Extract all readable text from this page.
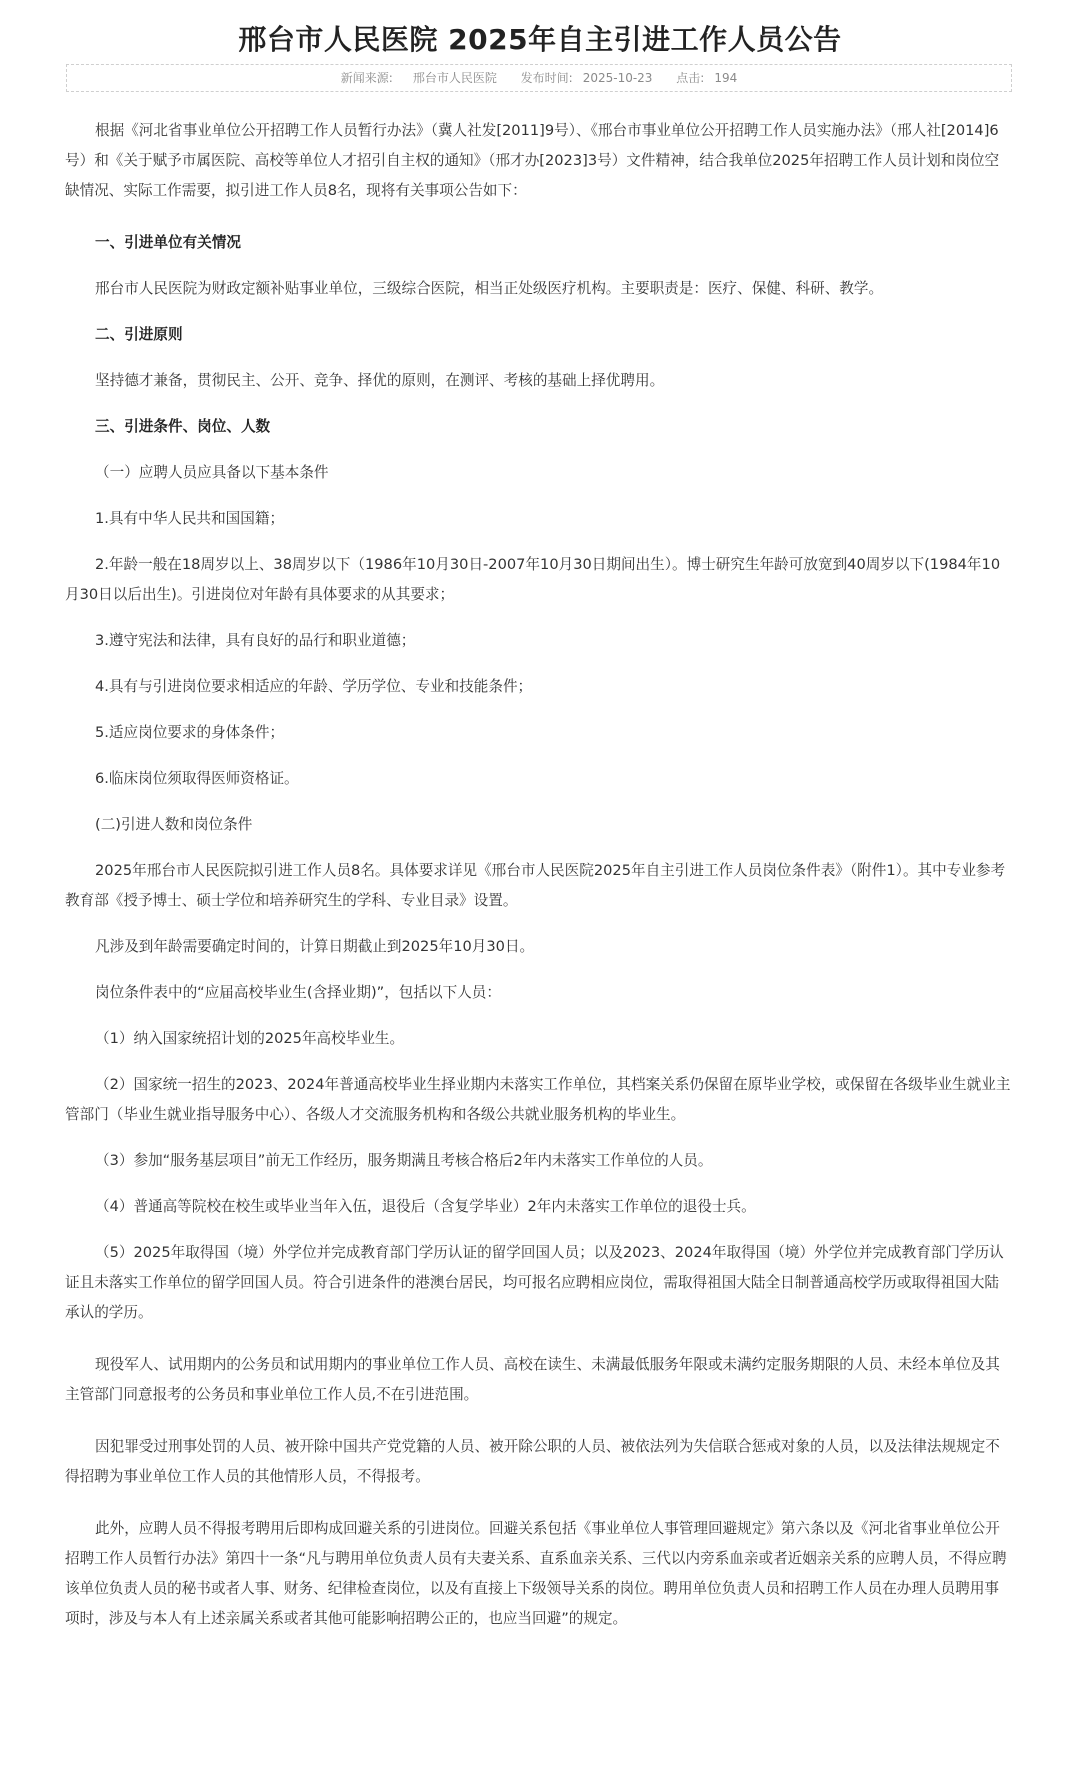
邢台市人民医院 2025年自主引进工作人员公告
新闻来源: 邢台市人民医院 发布时间: 2025-10-23 点击: 194

根据《河北省事业单位公开招聘工作人员暂行办法》（冀人社发[2011]9号）、《邢台市事业单位公开招聘工作人员实施办法》（邢人社[2014]6号）和《关于赋予市属医院、高校等单位人才招引自主权的通知》（邢才办[2023]3号）文件精神，结合我单位2025年招聘工作人员计划和岗位空缺情况、实际工作需要，拟引进工作人员8名，现将有关事项公告如下：

一、引进单位有关情况

邢台市人民医院为财政定额补贴事业单位，三级综合医院，相当正处级医疗机构。主要职责是：医疗、保健、科研、教学。

二、引进原则

坚持德才兼备，贯彻民主、公开、竞争、择优的原则，在测评、考核的基础上择优聘用。

三、引进条件、岗位、人数

（一）应聘人员应具备以下基本条件

1.具有中华人民共和国国籍；

2.年龄一般在18周岁以上、38周岁以下（1986年10月30日-2007年10月30日期间出生）。博士研究生年龄可放宽到40周岁以下(1984年10月30日以后出生)。引进岗位对年龄有具体要求的从其要求；

3.遵守宪法和法律，具有良好的品行和职业道德；

4.具有与引进岗位要求相适应的年龄、学历学位、专业和技能条件；

5.适应岗位要求的身体条件；

6.临床岗位须取得医师资格证。

(二)引进人数和岗位条件

2025年邢台市人民医院拟引进工作人员8名。具体要求详见《邢台市人民医院2025年自主引进工作人员岗位条件表》（附件1）。其中专业参考教育部《授予博士、硕士学位和培养研究生的学科、专业目录》设置。

凡涉及到年龄需要确定时间的，计算日期截止到2025年10月30日。

岗位条件表中的“应届高校毕业生(含择业期)”，包括以下人员：

（1）纳入国家统招计划的2025年高校毕业生。

（2）国家统一招生的2023、2024年普通高校毕业生择业期内未落实工作单位，其档案关系仍保留在原毕业学校，或保留在各级毕业生就业主管部门（毕业生就业指导服务中心）、各级人才交流服务机构和各级公共就业服务机构的毕业生。

（3）参加“服务基层项目”前无工作经历，服务期满且考核合格后2年内未落实工作单位的人员。

（4）普通高等院校在校生或毕业当年入伍，退役后（含复学毕业）2年内未落实工作单位的退役士兵。

（5）2025年取得国（境）外学位并完成教育部门学历认证的留学回国人员；以及2023、2024年取得国（境）外学位并完成教育部门学历认证且未落实工作单位的留学回国人员。符合引进条件的港澳台居民，均可报名应聘相应岗位，需取得祖国大陆全日制普通高校学历或取得祖国大陆承认的学历。

现役军人、试用期内的公务员和试用期内的事业单位工作人员、高校在读生、未满最低服务年限或未满约定服务期限的人员、未经本单位及其主管部门同意报考的公务员和事业单位工作人员,不在引进范围。

因犯罪受过刑事处罚的人员、被开除中国共产党党籍的人员、被开除公职的人员、被依法列为失信联合惩戒对象的人员，以及法律法规规定不得招聘为事业单位工作人员的其他情形人员，不得报考。

此外，应聘人员不得报考聘用后即构成回避关系的引进岗位。回避关系包括《事业单位人事管理回避规定》第六条以及《河北省事业单位公开招聘工作人员暂行办法》第四十一条“凡与聘用单位负责人员有夫妻关系、直系血亲关系、三代以内旁系血亲或者近姻亲关系的应聘人员，不得应聘该单位负责人员的秘书或者人事、财务、纪律检查岗位，以及有直接上下级领导关系的岗位。聘用单位负责人员和招聘工作人员在办理人员聘用事项时，涉及与本人有上述亲属关系或者其他可能影响招聘公正的，也应当回避”的规定。
